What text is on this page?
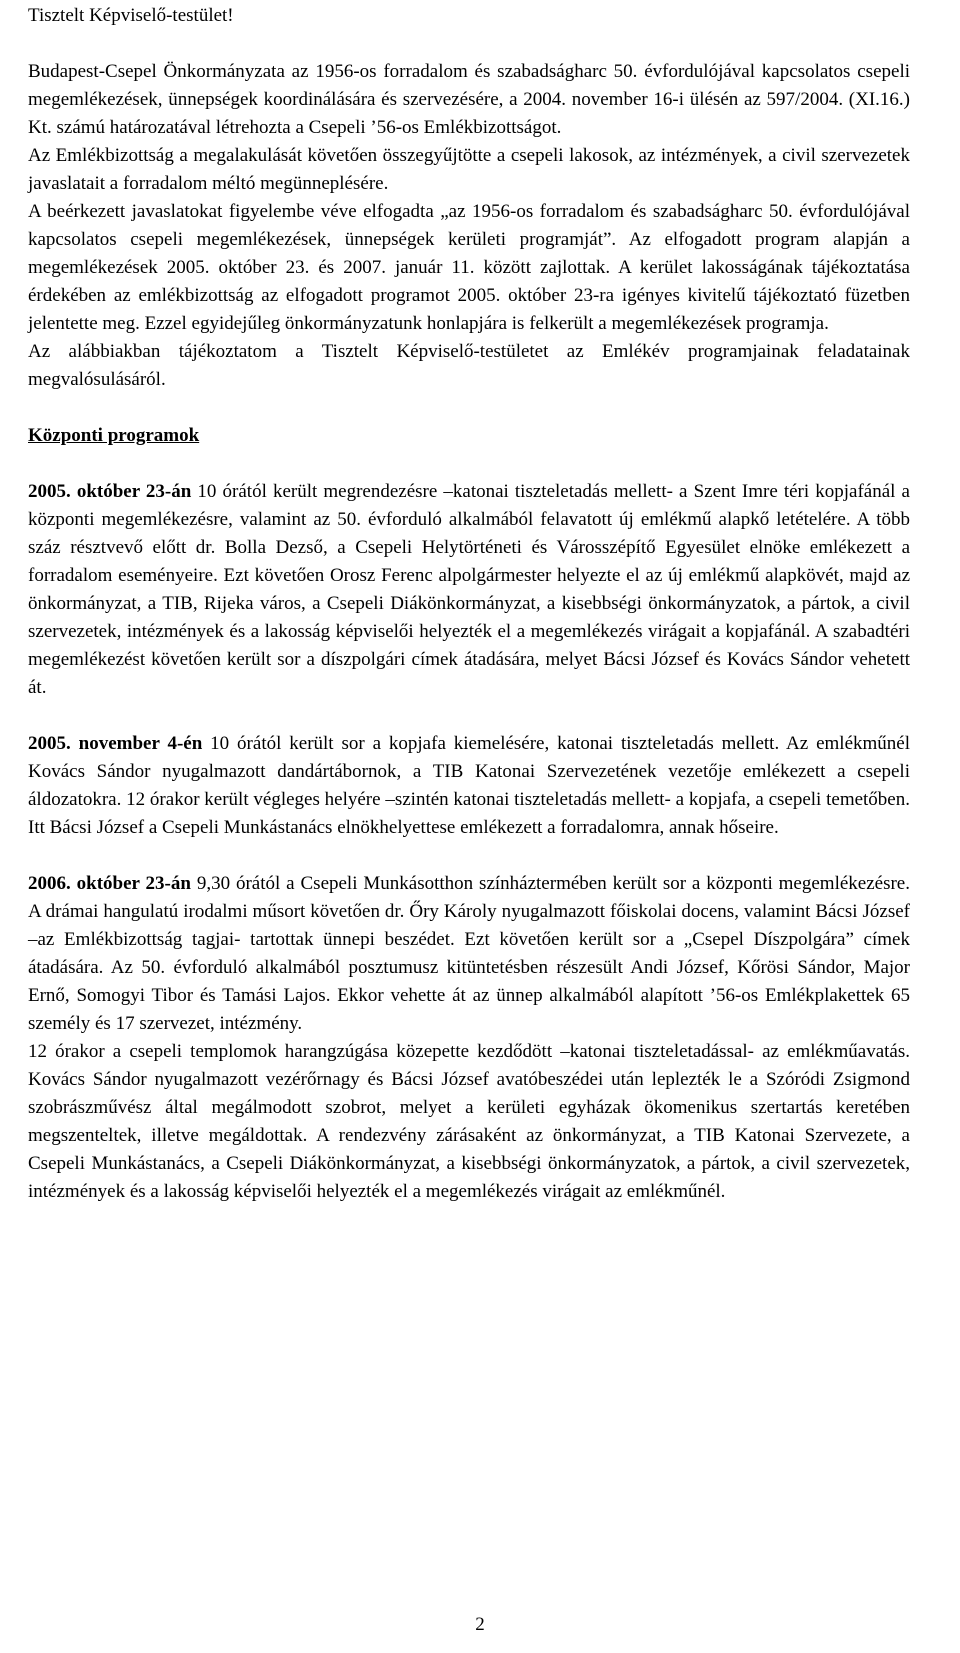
Tisztelt Képviselő-testület!

Budapest-Csepel Önkormányzata az 1956-os forradalom és szabadságharc 50. évfordulójával kapcsolatos csepeli megemlékezések, ünnepségek koordinálására és szervezésére, a 2004. november 16-i ülésén az 597/2004. (XI.16.) Kt. számú határozatával létrehozta a Csepeli ’56-os Emlékbizottságot.

Az Emlékbizottság a megalakulását követően összegyűjtötte a csepeli lakosok, az intézmények, a civil szervezetek javaslatait a forradalom méltó megünneplésére.

A beérkezett javaslatokat figyelembe véve elfogadta „az 1956-os forradalom és szabadságharc 50. évfordulójával kapcsolatos csepeli megemlékezések, ünnepségek kerületi programját”. Az elfogadott program alapján a megemlékezések 2005. október 23. és 2007. január 11. között zajlottak. A kerület lakosságának tájékoztatása érdekében az emlékbizottság az elfogadott programot 2005. október 23-ra igényes kivitelű tájékoztató füzetben jelentette meg. Ezzel egyidejűleg önkormányzatunk honlapjára is felkerült a megemlékezések programja.

Az alábbiakban tájékoztatom a Tisztelt Képviselő-testületet az Emlékév programjainak feladatainak megvalósulásáról.

Központi programok

2005. október 23-án 10 órától került megrendezésre –katonai tiszteletadás mellett- a Szent Imre téri kopjafánál a központi megemlékezésre, valamint az 50. évforduló alkalmából felavatott új emlékmű alapkő letételére. A több száz résztvevő előtt dr. Bolla Dezső, a Csepeli Helytörténeti és Városszépítő Egyesület elnöke emlékezett a forradalom eseményeire. Ezt követően Orosz Ferenc alpolgármester helyezte el az új emlékmű alapkövét, majd az önkormányzat, a TIB, Rijeka város, a Csepeli Diákönkormányzat, a kisebbségi önkormányzatok, a pártok, a civil szervezetek, intézmények és a lakosság képviselői helyezték el a megemlékezés virágait a kopjafánál. A szabadtéri megemlékezést követően került sor a díszpolgári címek átadására, melyet Bácsi József és Kovács Sándor vehetett át.

2005. november 4-én 10 órától került sor a kopjafa kiemelésére, katonai tiszteletadás mellett. Az emlékműnél Kovács Sándor nyugalmazott dandártábornok, a TIB Katonai Szervezetének vezetője emlékezett a csepeli áldozatokra. 12 órakor került végleges helyére –szintén katonai tiszteletadás mellett- a kopjafa, a csepeli temetőben. Itt Bácsi József a Csepeli Munkástanács elnökhelyettese emlékezett a forradalomra, annak hőseire.

2006. október 23-án 9,30 órától a Csepeli Munkásotthon színháztermében került sor a központi megemlékezésre. A drámai hangulatú irodalmi műsort követően dr. Őry Károly nyugalmazott főiskolai docens, valamint Bácsi József –az Emlékbizottság tagjai- tartottak ünnepi beszédet. Ezt követően került sor a „Csepel Díszpolgára” címek átadására. Az 50. évforduló alkalmából posztumusz kitüntetésben részesült Andi József, Kőrösi Sándor, Major Ernő, Somogyi Tibor és Tamási Lajos. Ekkor vehette át az ünnep alkalmából alapított ’56-os Emlékplakettek 65 személy és 17 szervezet, intézmény.

12 órakor a csepeli templomok harangzúgása közepette kezdődött –katonai tiszteletadással- az emlékműavatás. Kovács Sándor nyugalmazott vezérőrnagy és Bácsi József avatóbeszédei után leplezték le a Szóródi Zsigmond szobrászművész által megálmodott szobrot, melyet a kerületi egyházak ökomenikus szertartás keretében megszenteltek, illetve megáldottak. A rendezvény zárásaként az önkormányzat, a TIB Katonai Szervezete, a Csepeli Munkástanács, a Csepeli Diákönkormányzat, a kisebbségi önkormányzatok, a pártok, a civil szervezetek, intézmények és a lakosság képviselői helyezték el a megemlékezés virágait az emlékműnél.

2
